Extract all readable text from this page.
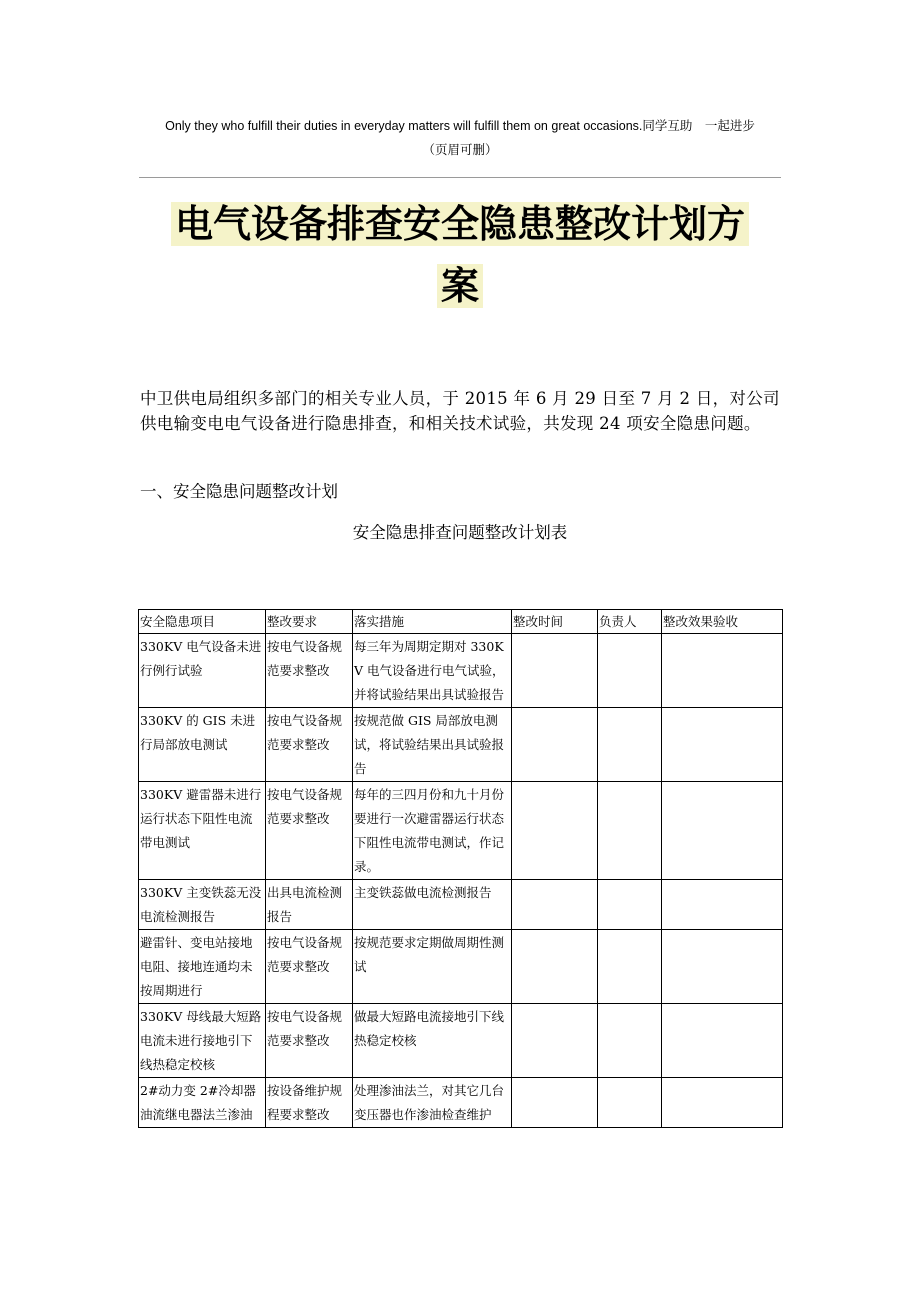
Only they who fulfill their duties in everyday matters will fulfill them on great occasions.同学互助　一起进步
（页眉可删）
电气设备排查安全隐患整改计划方
案
中卫供电局组织多部门的相关专业人员，于 2015 年 6 月 29 日至 7 月 2 日，对公司供电输变电电气设备进行隐患排查，和相关技术试验，共发现 24 项安全隐患问题。
一、安全隐患问题整改计划
安全隐患排查问题整改计划表
安全隐患项目	整改要求	落实措施	整改时间	负责人	整改效果验收
330KV 电气设备未进行例行试验	按电气设备规范要求整改	每三年为周期定期对 330KV 电气设备进行电气试验，并将试验结果出具试验报告			
330KV 的 GIS 未进行局部放电测试	按电气设备规范要求整改	按规范做 GIS 局部放电测试，将试验结果出具试验报告			
330KV 避雷器未进行运行状态下阻性电流带电测试	按电气设备规范要求整改	每年的三四月份和九十月份要进行一次避雷器运行状态下阻性电流带电测试，作记录。			
330KV 主变铁蕊无没电流检测报告	出具电流检测报告	主变铁蕊做电流检测报告			
避雷针、变电站接地电阻、接地连通均未按周期进行	按电气设备规范要求整改	按规范要求定期做周期性测试			
330KV 母线最大短路电流未进行接地引下线热稳定校核	按电气设备规范要求整改	做最大短路电流接地引下线热稳定校核			
2#动力变 2#冷却器油流继电器法兰渗油	按设备维护规程要求整改	处理渗油法兰，对其它几台变压器也作渗油检查维护			
